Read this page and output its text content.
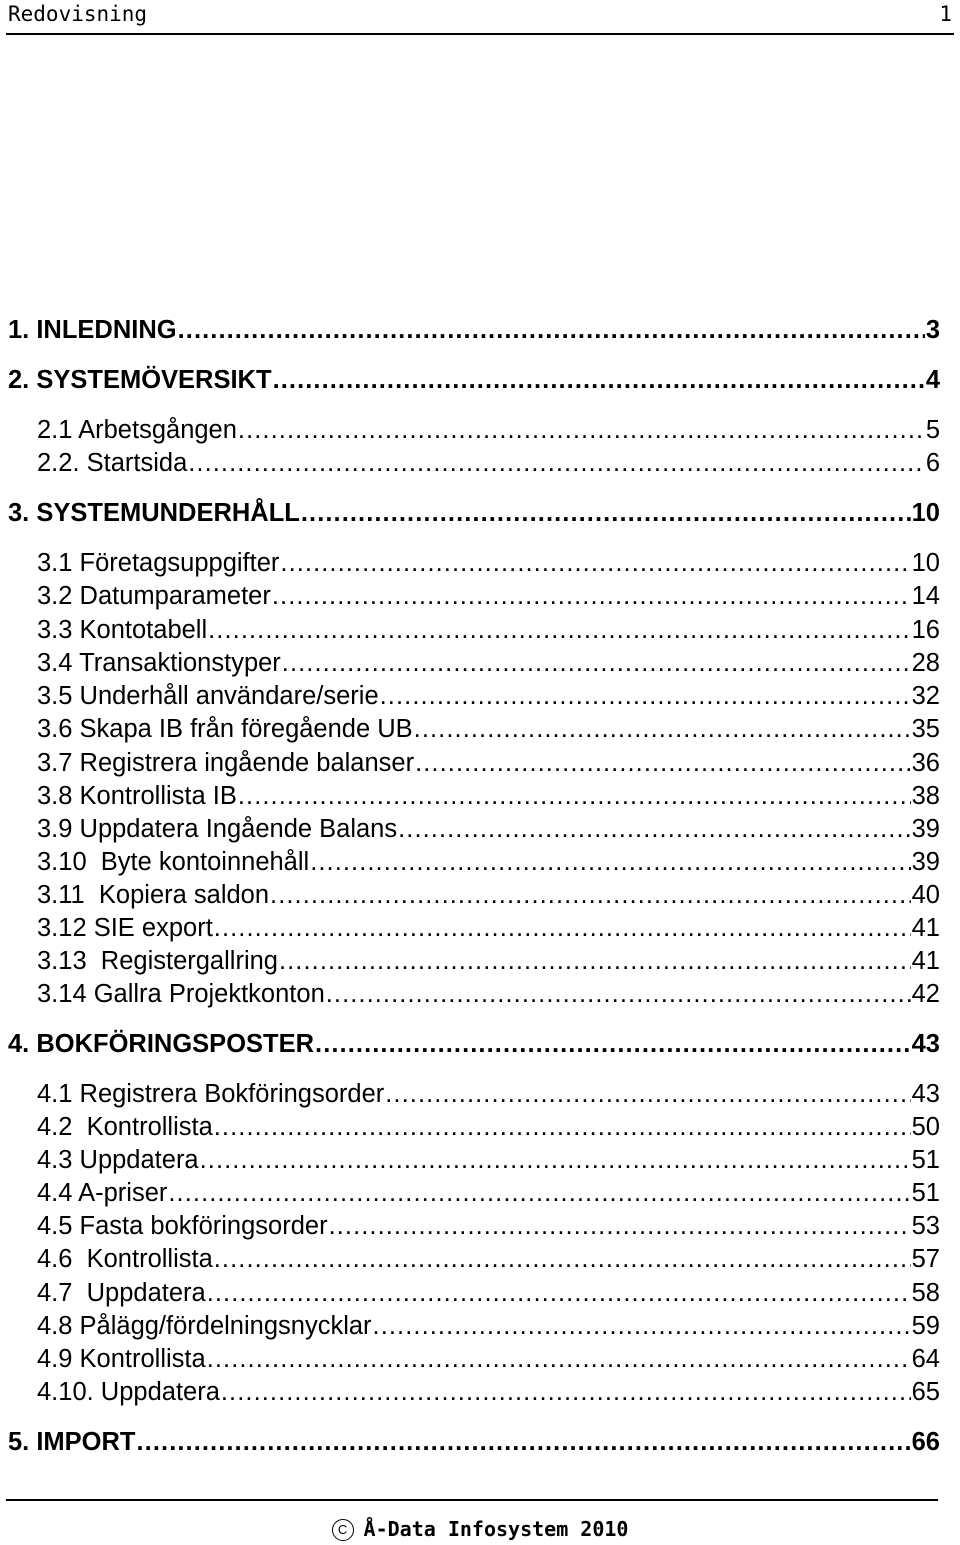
Redovisning	1
1. INLEDNING . . .	3
2. SYSTEMÖVERSIKT . . .	4
2.1 Arbetsgången . . .	5
2.2. Startsida . . .	6
3. SYSTEMUNDERHÅLL . . .	10
3.1 Företagsuppgifter . . .	10
3.2 Datumparameter . . .	14
3.3 Kontotabell . . .	16
3.4 Transaktionstyper . . .	28
3.5 Underhåll användare/serie . . .	32
3.6 Skapa IB från föregående UB . . .	35
3.7 Registrera ingående balanser . . .	36
3.8 Kontrollista IB . . .	38
3.9 Uppdatera Ingående Balans . . .	39
3.10  Byte kontoinnehåll . . .	39
3.11  Kopiera saldon . . .	40
3.12 SIE export . . .	41
3.13  Registergallring . . .	41
3.14 Gallra Projektkonton . . .	42
4. BOKFÖRINGSPOSTER . . .	43
4.1 Registrera Bokföringsorder . . .	43
4.2  Kontrollista . . .	50
4.3 Uppdatera . . .	51
4.4 A-priser . . .	51
4.5 Fasta bokföringsorder . . .	53
4.6  Kontrollista . . .	57
4.7  Uppdatera . . .	58
4.8 Pålägg/fördelningsnycklar . . .	59
4.9 Kontrollista . . .	64
4.10. Uppdatera . . .	65
5. IMPORT . . .	66
C Å-Data Infosystem 2010
